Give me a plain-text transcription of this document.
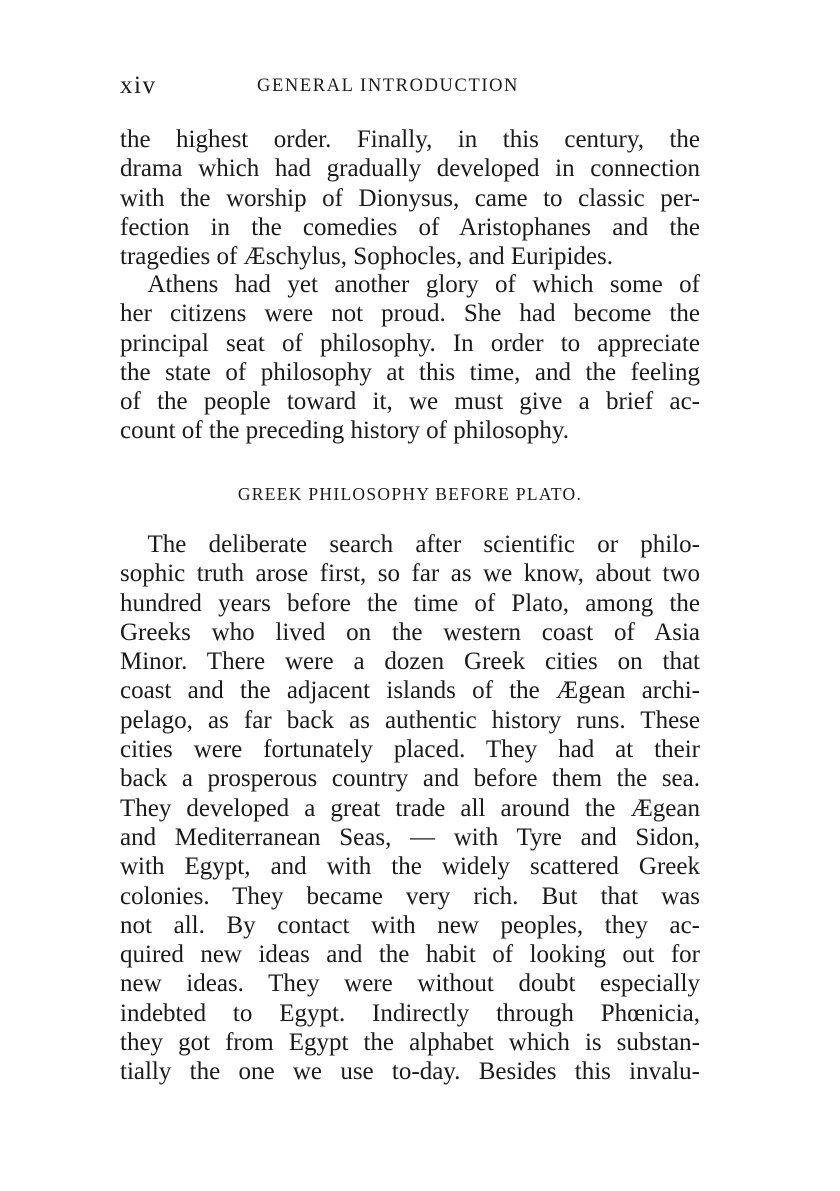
xiv	GENERAL INTRODUCTION
the highest order. Finally, in this century, the
drama which had gradually developed in connection
with the worship of Dionysus, came to classic per-
fection in the comedies of Aristophanes and the
tragedies of Æschylus, Sophocles, and Euripides.
Athens had yet another glory of which some of
her citizens were not proud. She had become the
principal seat of philosophy. In order to appreciate
the state of philosophy at this time, and the feeling
of the people toward it, we must give a brief ac-
count of the preceding history of philosophy.
GREEK PHILOSOPHY BEFORE PLATO.
The deliberate search after scientific or philo-
sophic truth arose first, so far as we know, about two
hundred years before the time of Plato, among the
Greeks who lived on the western coast of Asia
Minor. There were a dozen Greek cities on that
coast and the adjacent islands of the Ægean archi-
pelago, as far back as authentic history runs. These
cities were fortunately placed. They had at their
back a prosperous country and before them the sea.
They developed a great trade all around the Ægean
and Mediterranean Seas, — with Tyre and Sidon,
with Egypt, and with the widely scattered Greek
colonies. They became very rich. But that was
not all. By contact with new peoples, they ac-
quired new ideas and the habit of looking out for
new ideas. They were without doubt especially
indebted to Egypt. Indirectly through Phœnicia,
they got from Egypt the alphabet which is substan-
tially the one we use to-day. Besides this invalu-
